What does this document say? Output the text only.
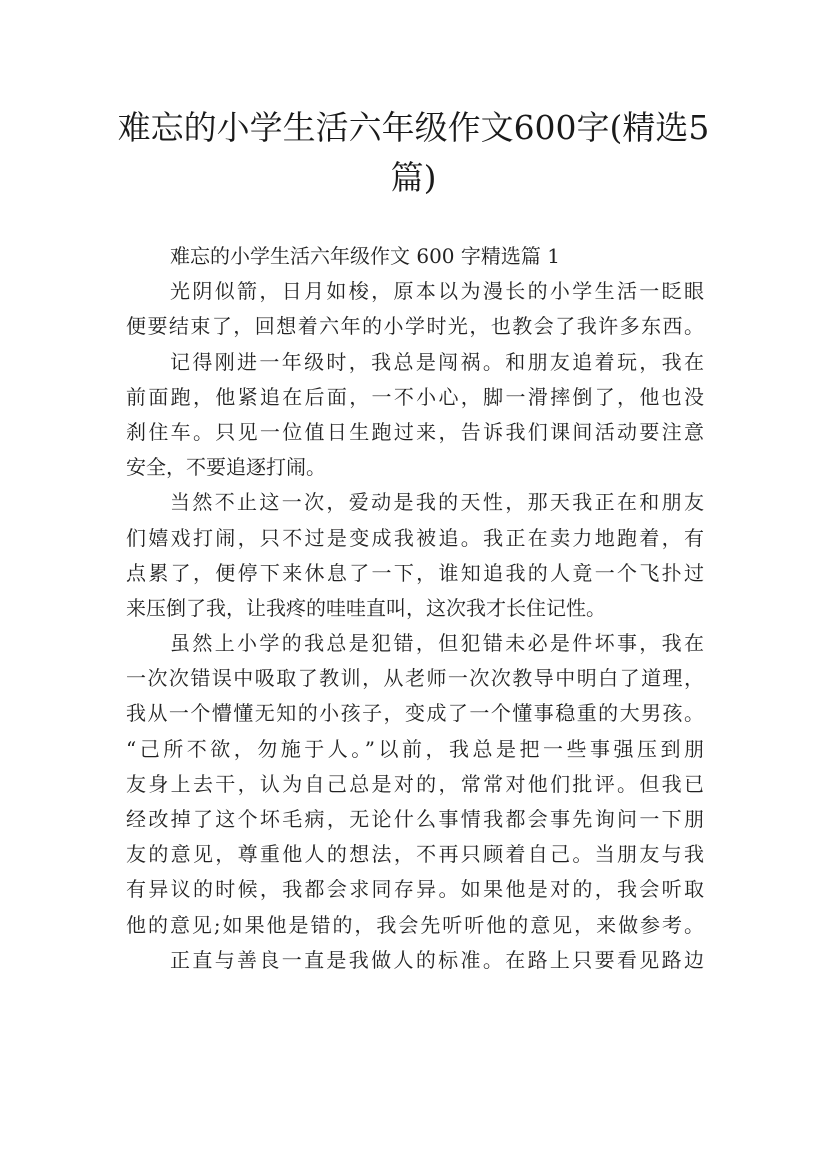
难忘的小学生活六年级作文600字(精选5篇)
难忘的小学生活六年级作文 600 字精选篇 1
光阴似箭，日月如梭，原本以为漫长的小学生活一眨眼
便要结束了，回想着六年的小学时光，也教会了我许多东西。
记得刚进一年级时，我总是闯祸。和朋友追着玩，我在
前面跑，他紧追在后面，一不小心，脚一滑摔倒了，他也没
刹住车。只见一位值日生跑过来，告诉我们课间活动要注意
安全，不要追逐打闹。
当然不止这一次，爱动是我的天性，那天我正在和朋友
们嬉戏打闹，只不过是变成我被追。我正在卖力地跑着，有
点累了，便停下来休息了一下，谁知追我的人竟一个飞扑过
来压倒了我，让我疼的哇哇直叫，这次我才长住记性。
虽然上小学的我总是犯错，但犯错未必是件坏事，我在
一次次错误中吸取了教训，从老师一次次教导中明白了道理，
我从一个懵懂无知的小孩子，变成了一个懂事稳重的大男孩。
“己所不欲，勿施于人。”以前，我总是把一些事强压到朋
友身上去干，认为自己总是对的，常常对他们批评。但我已
经改掉了这个坏毛病，无论什么事情我都会事先询问一下朋
友的意见，尊重他人的想法，不再只顾着自己。当朋友与我
有异议的时候，我都会求同存异。如果他是对的，我会听取
他的意见;如果他是错的，我会先听听他的意见，来做参考。
正直与善良一直是我做人的标准。在路上只要看见路边
